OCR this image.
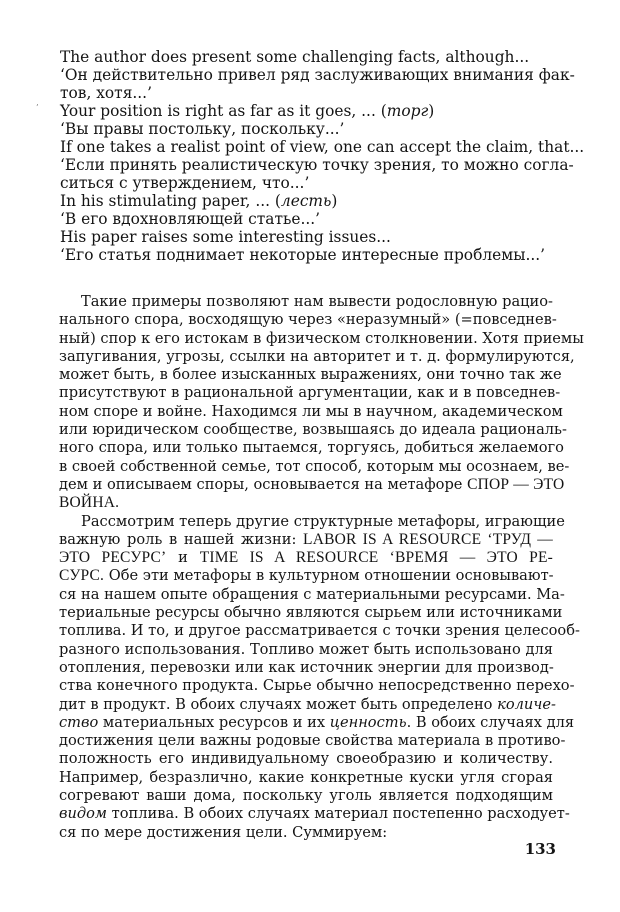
’
The author does present some challenging facts, although...
‘Он действительно привел ряд заслуживающих внимания фак-
тов, хотя...’
Your position is right as far as it goes, ... (торг)
‘Вы правы постольку, поскольку...’
If one takes a realist point of view, one can accept the claim, that...
‘Если принять реалистическую точку зрения, то можно согла-
ситься с утверждением, что...’
In his stimulating paper, ... (лесть)
‘В его вдохновляющей статье...’
His paper raises some interesting issues...
‘Его статья поднимает некоторые интересные проблемы...’
Такие примеры позволяют нам вывести родословную рацио-
нального спора, восходящую через «неразумный» (=повседнев-
ный) спор к его истокам в физическом столкновении. Хотя приемы
запугивания, угрозы, ссылки на авторитет и т. д. формулируются,
может быть, в более изысканных выражениях, они точно так же
присутствуют в рациональной аргументации, как и в повседнев-
ном споре и войне. Находимся ли мы в научном, академическом
или юридическом сообществе, возвышаясь до идеала рациональ-
ного спора, или только пытаемся, торгуясь, добиться желаемого
в своей собственной семье, тот способ, которым мы осознаем, ве-
дем и описываем споры, основывается на метафоре СПОР — ЭТО
ВОЙНА.
Рассмотрим теперь другие структурные метафоры, играющие
важную роль в нашей жизни: LABOR IS A RESOURCE ‘ТРУД —
ЭТО РЕСУРС’ и TIME IS A RESOURCE ‘ВРЕМЯ — ЭТО РЕ-
СУРС. Обе эти метафоры в культурном отношении основывают-
ся на нашем опыте обращения с материальными ресурсами. Ма-
териальные ресурсы обычно являются сырьем или источниками
топлива. И то, и другое рассматривается с точки зрения целесооб-
разного использования. Топливо может быть использовано для
отопления, перевозки или как источник энергии для производ-
ства конечного продукта. Сырье обычно непосредственно перехо-
дит в продукт. В обоих случаях может быть определено количе-
ство материальных ресурсов и их ценность. В обоих случаях для
достижения цели важны родовые свойства материала в противо-
положность его индивидуальному своеобразию и количеству.
Например, безразлично, какие конкретные куски угля сгорая
согревают ваши дома, поскольку уголь является подходящим
видом топлива. В обоих случаях материал постепенно расходует-
ся по мере достижения цели. Суммируем:
133
